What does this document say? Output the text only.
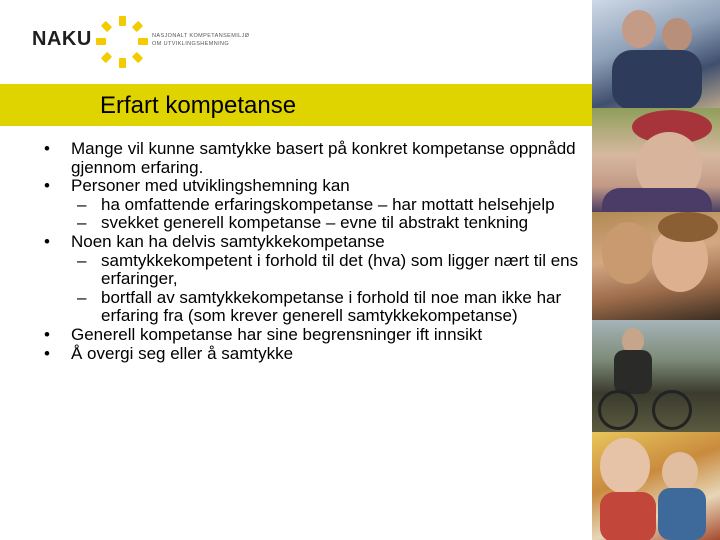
NAKU	NASJONALT KOMPETANSEMILJØ
OM UTVIKLINGSHEMNING
Erfart kompetanse
• Mange vil kunne samtykke basert på konkret kompetanse oppnådd gjennom erfaring.
• Personer med utviklingshemning kan
– ha omfattende erfaringskompetanse – har mottatt helsehjelp
– svekket generell kompetanse – evne til abstrakt tenkning
• Noen kan ha delvis samtykkekompetanse
– samtykkekompetent i forhold til det (hva) som ligger nært til ens erfaringer,
– bortfall av samtykkekompetanse i forhold til noe man ikke har erfaring fra (som krever generell samtykkekompetanse)
• Generell kompetanse har sine begrensninger ift innsikt
• Å overgi seg eller å samtykke
